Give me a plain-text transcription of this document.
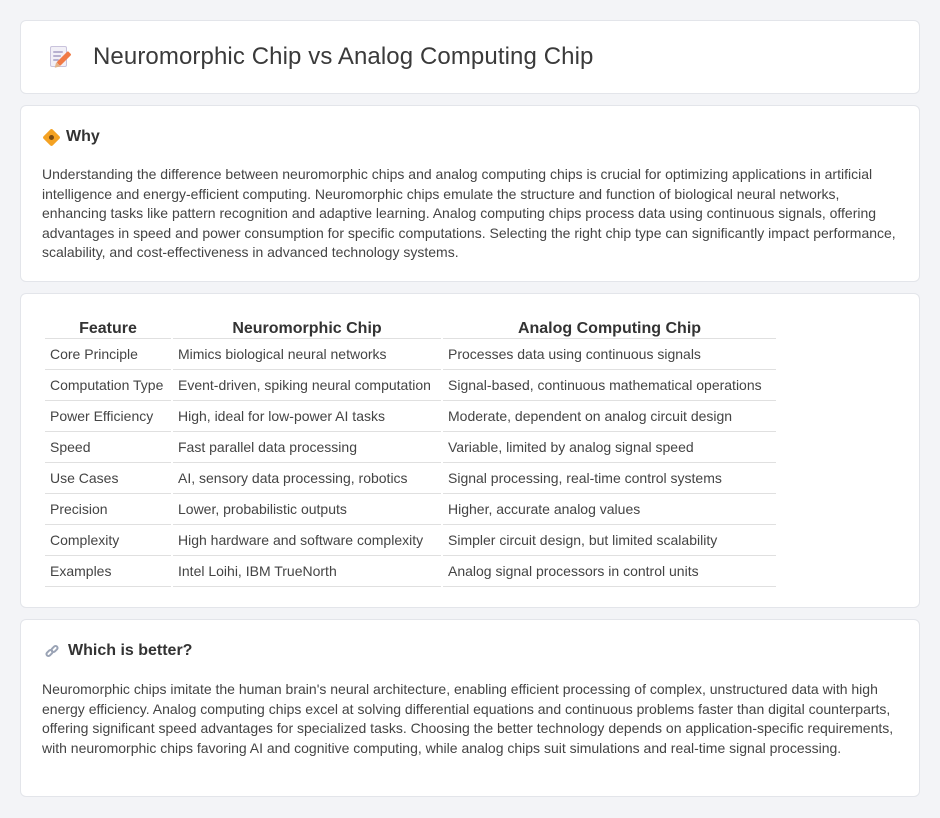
Neuromorphic Chip vs Analog Computing Chip
Why

Understanding the difference between neuromorphic chips and analog computing chips is crucial for optimizing applications in artificial intelligence and energy-efficient computing. Neuromorphic chips emulate the structure and function of biological neural networks, enhancing tasks like pattern recognition and adaptive learning. Analog computing chips process data using continuous signals, offering advantages in speed and power consumption for specific computations. Selecting the right chip type can significantly impact performance, scalability, and cost-effectiveness in advanced technology systems.

Feature	Neuromorphic Chip	Analog Computing Chip
Core Principle	Mimics biological neural networks	Processes data using continuous signals
Computation Type	Event-driven, spiking neural computation	Signal-based, continuous mathematical operations
Power Efficiency	High, ideal for low-power AI tasks	Moderate, dependent on analog circuit design
Speed	Fast parallel data processing	Variable, limited by analog signal speed
Use Cases	AI, sensory data processing, robotics	Signal processing, real-time control systems
Precision	Lower, probabilistic outputs	Higher, accurate analog values
Complexity	High hardware and software complexity	Simpler circuit design, but limited scalability
Examples	Intel Loihi, IBM TrueNorth	Analog signal processors in control units
Which is better?

Neuromorphic chips imitate the human brain's neural architecture, enabling efficient processing of complex, unstructured data with high energy efficiency. Analog computing chips excel at solving differential equations and continuous problems faster than digital counterparts, offering significant speed advantages for specialized tasks. Choosing the better technology depends on application-specific requirements, with neuromorphic chips favoring AI and cognitive computing, while analog chips suit simulations and real-time signal processing.
